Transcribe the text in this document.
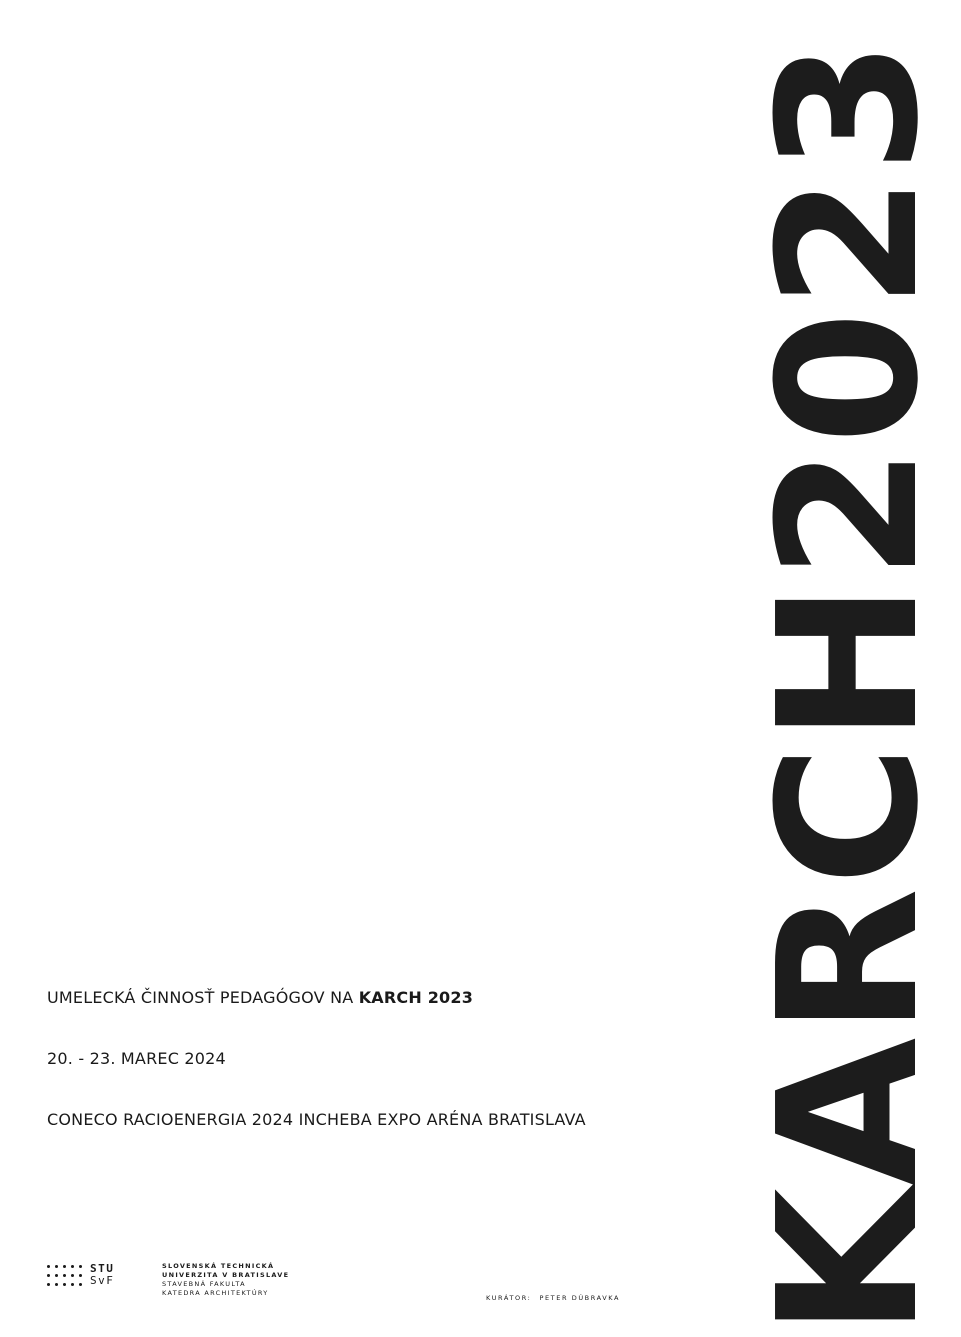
KARCH2023
UMELECKÁ ČINNOSŤ PEDAGÓGOV NA KARCH 2023
20. - 23. MAREC 2024
CONECO RACIOENERGIA 2024 INCHEBA EXPO ARÉNA BRATISLAVA
STU
SvF
SLOVENSKÁ TECHNICKÁ
UNIVERZITA V BRATISLAVE
STAVEBNÁ FAKULTA
KATEDRA ARCHITEKTÚRY
KURÁTOR: PETER DÚBRAVKA
